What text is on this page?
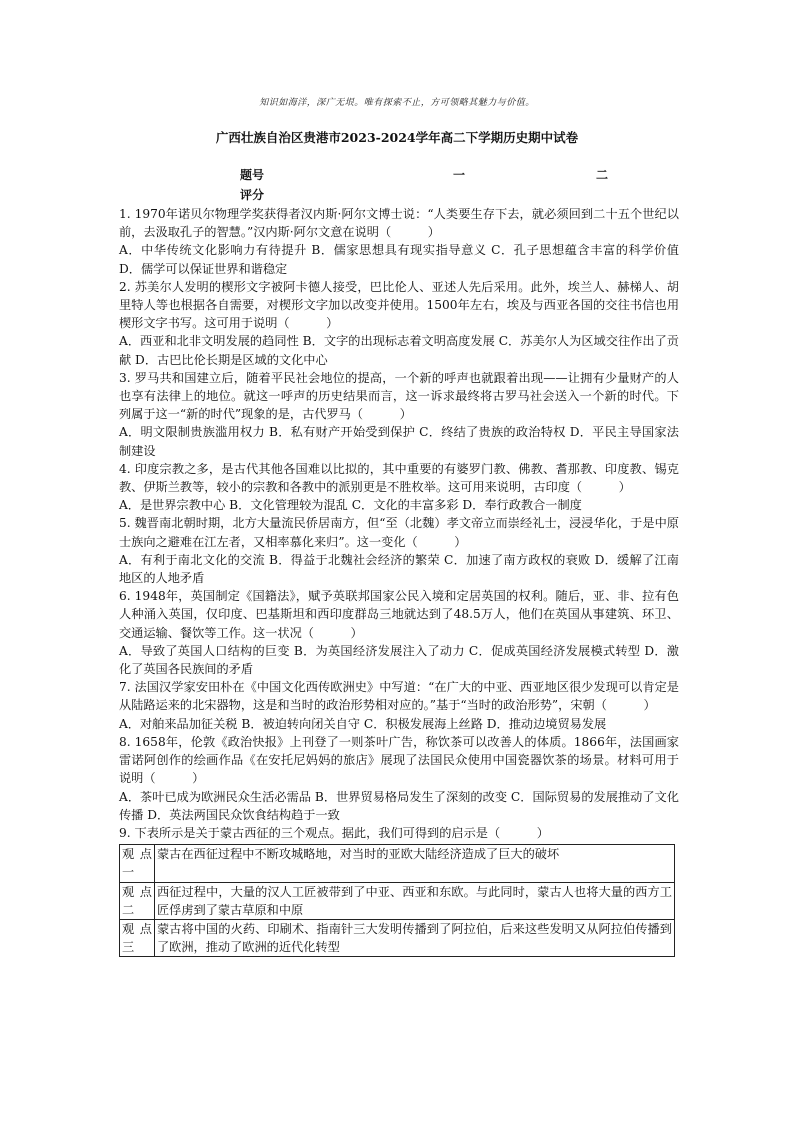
知识如海洋，深广无垠。唯有探索不止，方可领略其魅力与价值。
广西壮族自治区贵港市2023-2024学年高二下学期历史期中试卷
题号	一	二
评分

1. 1970年诺贝尔物理学奖获得者汉内斯·阿尔文博士说：“人类要生存下去，就必须回到二十五个世纪以前，去汲取孔子的智慧。”汉内斯·阿尔文意在说明（　　　）

A．中华传统文化影响力有待提升 B．儒家思想具有现实指导意义 C．孔子思想蕴含丰富的科学价值 D．儒学可以保证世界和谐稳定

2. 苏美尔人发明的楔形文字被阿卡德人接受，巴比伦人、亚述人先后采用。此外，埃兰人、赫梯人、胡里特人等也根据各自需要，对楔形文字加以改变并使用。1500年左右，埃及与西亚各国的交往书信也用楔形文字书写。这可用于说明（　　　）

A．西亚和北非文明发展的趋同性 B．文字的出现标志着文明高度发展 C．苏美尔人为区域交往作出了贡献 D．古巴比伦长期是区域的文化中心

3. 罗马共和国建立后，随着平民社会地位的提高，一个新的呼声也就跟着出现——让拥有少量财产的人也享有法律上的地位。就这一呼声的历史结果而言，这一诉求最终将古罗马社会送入一个新的时代。下列属于这一“新的时代”现象的是，古代罗马（　　　）

A．明文限制贵族滥用权力 B．私有财产开始受到保护 C．终结了贵族的政治特权 D．平民主导国家法制建设

4. 印度宗教之多，是古代其他各国难以比拟的，其中重要的有婆罗门教、佛教、耆那教、印度教、锡克教、伊斯兰教等，较小的宗教和各教中的派别更是不胜枚举。这可用来说明，古印度（　　　）

A．是世界宗教中心 B．文化管理较为混乱 C．文化的丰富多彩 D．奉行政教合一制度

5. 魏晋南北朝时期，北方大量流民侨居南方，但“至（北魏）孝文帝立而崇经礼士，浸浸华化，于是中原士族向之避难在江左者，又相率慕化来归”。这一变化（　　　）

A．有利于南北文化的交流 B．得益于北魏社会经济的繁荣 C．加速了南方政权的衰败 D．缓解了江南地区的人地矛盾

6. 1948年，英国制定《国籍法》，赋予英联邦国家公民入境和定居英国的权利。随后，亚、非、拉有色人种涌入英国，仅印度、巴基斯坦和西印度群岛三地就达到了48.5万人，他们在英国从事建筑、环卫、交通运输、餐饮等工作。这一状况（　　　）

A．导致了英国人口结构的巨变 B．为英国经济发展注入了动力 C．促成英国经济发展模式转型 D．激化了英国各民族间的矛盾

7. 法国汉学家安田朴在《中国文化西传欧洲史》中写道：“在广大的中亚、西亚地区很少发现可以肯定是从陆路运来的北宋器物，这是和当时的政治形势相对应的。”基于“当时的政治形势”，宋朝（　　　）

A．对舶来品加征关税 B．被迫转向闭关自守 C．积极发展海上丝路 D．推动边境贸易发展

8. 1658年，伦敦《政治快报》上刊登了一则茶叶广告，称饮茶可以改善人的体质。1866年，法国画家雷诺阿创作的绘画作品《在安托尼妈妈的旅店》展现了法国民众使用中国瓷器饮茶的场景。材料可用于说明（　　　）

A．茶叶已成为欧洲民众生活必需品 B．世界贸易格局发生了深刻的改变 C．国际贸易的发展推动了文化传播 D．英法两国民众饮食结构趋于一致

9. 下表所示是关于蒙古西征的三个观点。据此，我们可得到的启示是（　　　）

观点一	蒙古在西征过程中不断攻城略地，对当时的亚欧大陆经济造成了巨大的破坏
观点二	西征过程中，大量的汉人工匠被带到了中亚、西亚和东欧。与此同时，蒙古人也将大量的西方工匠俘虏到了蒙古草原和中原
观点三	蒙古将中国的火药、印刷术、指南针三大发明传播到了阿拉伯，后来这些发明又从阿拉伯传播到了欧洲，推动了欧洲的近代化转型
